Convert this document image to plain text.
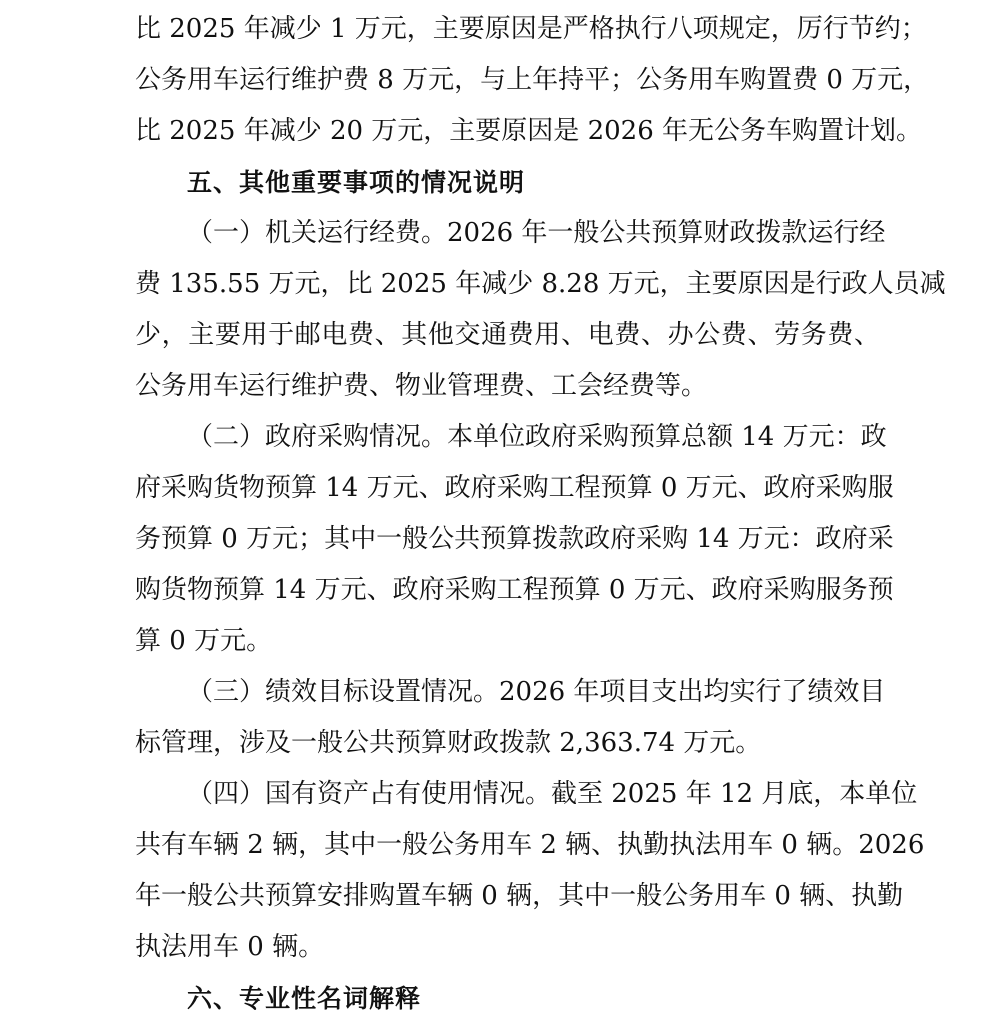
比 2025 年减少 1 万元，主要原因是严格执行八项规定，厉行节约；
公务用车运行维护费 8 万元，与上年持平；公务用车购置费 0 万元，
比 2025 年减少 20 万元，主要原因是 2026 年无公务车购置计划。
五、其他重要事项的情况说明
（一）机关运行经费。2026 年一般公共预算财政拨款运行经
费 135.55 万元，比 2025 年减少 8.28 万元，主要原因是行政人员减
少，主要用于邮电费、其他交通费用、电费、办公费、劳务费、
公务用车运行维护费、物业管理费、工会经费等。
（二）政府采购情况。本单位政府采购预算总额 14 万元：政
府采购货物预算 14 万元、政府采购工程预算 0 万元、政府采购服
务预算 0 万元；其中一般公共预算拨款政府采购 14 万元：政府采
购货物预算 14 万元、政府采购工程预算 0 万元、政府采购服务预
算 0 万元。
（三）绩效目标设置情况。2026 年项目支出均实行了绩效目
标管理，涉及一般公共预算财政拨款 2,363.74 万元。
（四）国有资产占有使用情况。截至 2025 年 12 月底，本单位
共有车辆 2 辆，其中一般公务用车 2 辆、执勤执法用车 0 辆。2026
年一般公共预算安排购置车辆 0 辆，其中一般公务用车 0 辆、执勤
执法用车 0 辆。
六、专业性名词解释
